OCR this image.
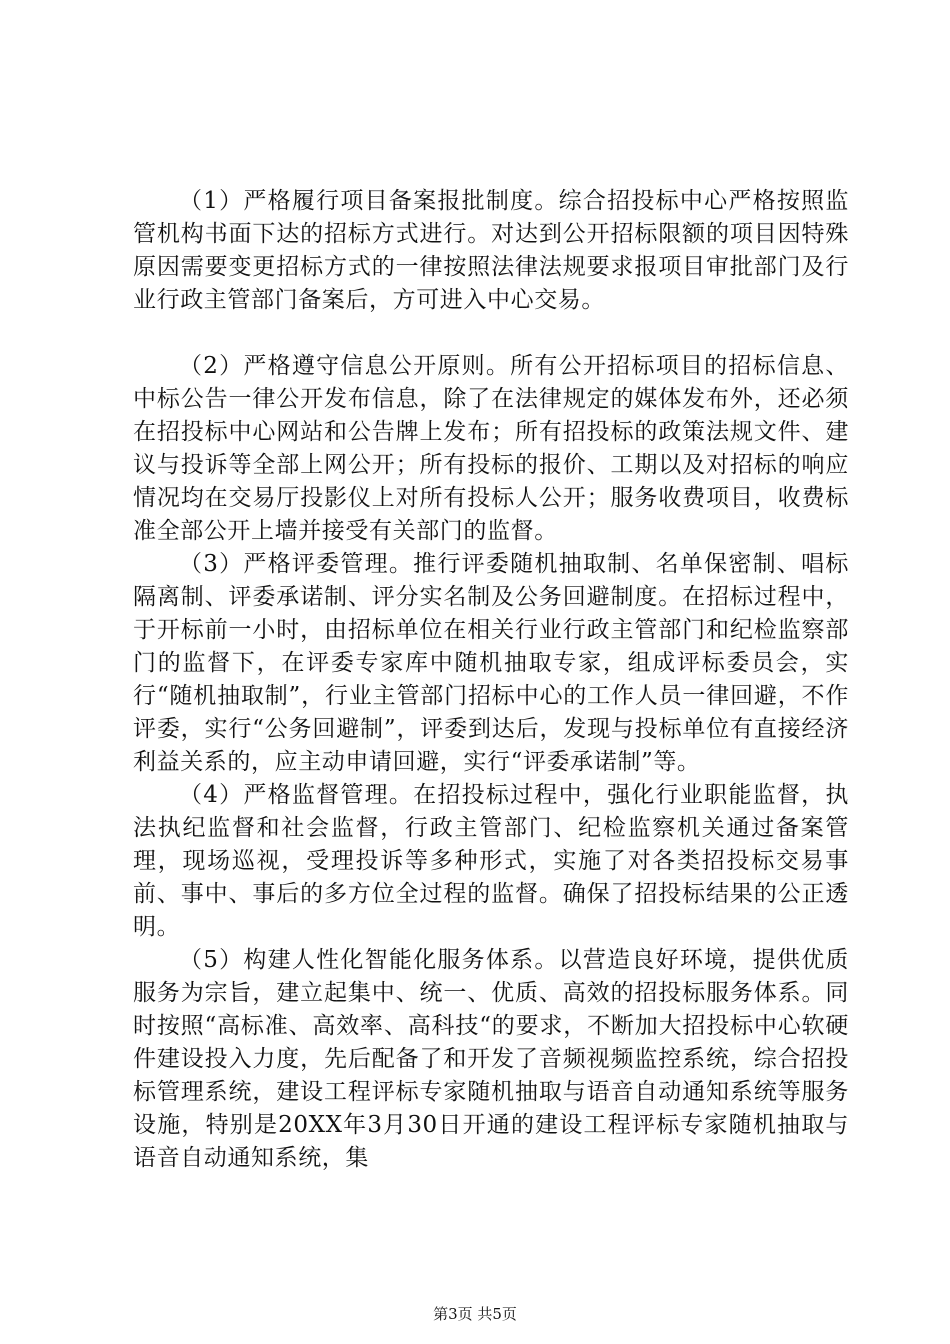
（1）严格履行项目备案报批制度。综合招投标中心严格按照监管机构书面下达的招标方式进行。对达到公开招标限额的项目因特殊原因需要变更招标方式的一律按照法律法规要求报项目审批部门及行业行政主管部门备案后，方可进入中心交易。

（2）严格遵守信息公开原则。所有公开招标项目的招标信息、中标公告一律公开发布信息，除了在法律规定的媒体发布外，还必须在招投标中心网站和公告牌上发布；所有招投标的政策法规文件、建议与投诉等全部上网公开；所有投标的报价、工期以及对招标的响应情况均在交易厅投影仪上对所有投标人公开；服务收费项目，收费标准全部公开上墙并接受有关部门的监督。

（3）严格评委管理。推行评委随机抽取制、名单保密制、唱标隔离制、评委承诺制、评分实名制及公务回避制度。在招标过程中，于开标前一小时，由招标单位在相关行业行政主管部门和纪检监察部门的监督下，在评委专家库中随机抽取专家，组成评标委员会，实行“随机抽取制”，行业主管部门招标中心的工作人员一律回避，不作评委，实行“公务回避制”，评委到达后，发现与投标单位有直接经济利益关系的，应主动申请回避，实行“评委承诺制”等。

（4）严格监督管理。在招投标过程中，强化行业职能监督，执法执纪监督和社会监督，行政主管部门、纪检监察机关通过备案管理，现场巡视，受理投诉等多种形式，实施了对各类招投标交易事前、事中、事后的多方位全过程的监督。确保了招投标结果的公正透明。

（5）构建人性化智能化服务体系。以营造良好环境，提供优质服务为宗旨，建立起集中、统一、优质、高效的招投标服务体系。同时按照“高标准、高效率、高科技“的要求，不断加大招投标中心软硬件建设投入力度，先后配备了和开发了音频视频监控系统，综合招投标管理系统，建设工程评标专家随机抽取与语音自动通知系统等服务设施，特别是20XX年3月30日开通的建设工程评标专家随机抽取与语音自动通知系统，集

第3页 共5页
